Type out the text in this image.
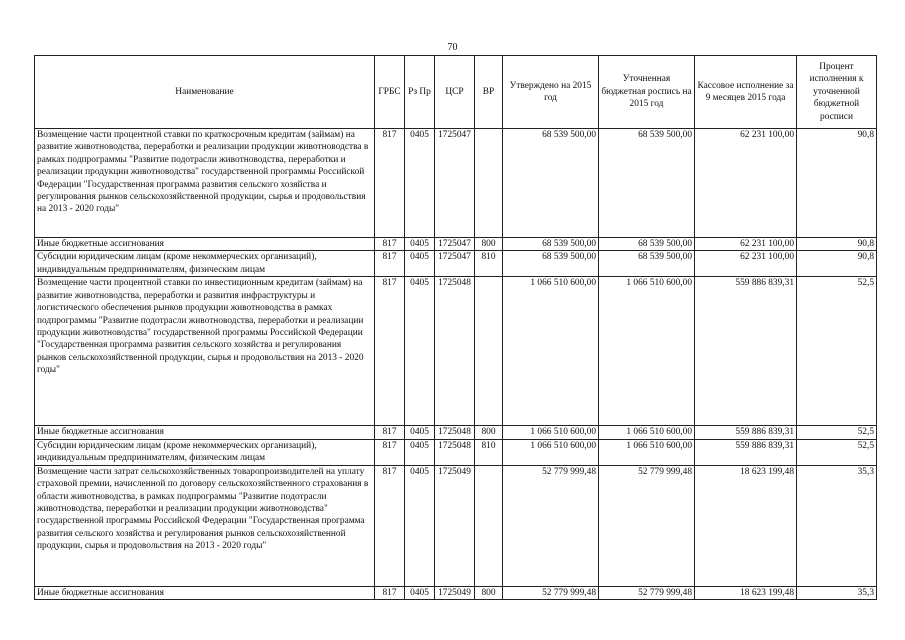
70
Наименование	ГРБС	Рз Пр	ЦСР	ВР	Утверждено на 2015 год	Уточненная бюджетная роспись на 2015 год	Кассовое исполнение за 9 месяцев 2015 года	Процент исполнения к уточненной бюджетной росписи
Возмещение части процентной ставки по краткосрочным кредитам (займам) на развитие животноводства, переработки и реализации продукции животноводства в рамках подпрограммы "Развитие подотрасли животноводства, переработки и реализации продукции животноводства" государственной программы Российской Федерации "Государственная программа развития сельского хозяйства и регулирования рынков сельскохозяйственной продукции, сырья и продовольствия на 2013 - 2020 годы"	817	0405	1725047		68 539 500,00	68 539 500,00	62 231 100,00	90,8
Иные бюджетные ассигнования	817	0405	1725047	800	68 539 500,00	68 539 500,00	62 231 100,00	90,8
Субсидии юридическим лицам (кроме некоммерческих организаций), индивидуальным предпринимателям, физическим лицам	817	0405	1725047	810	68 539 500,00	68 539 500,00	62 231 100,00	90,8
Возмещение части процентной ставки по инвестиционным кредитам (займам) на развитие животноводства, переработки и развития инфраструктуры и логистического обеспечения рынков продукции животноводства в рамках подпрограммы "Развитие подотрасли животноводства, переработки и реализации продукции животноводства" государственной программы Российской Федерации "Государственная программа развития сельского хозяйства и регулирования рынков сельскохозяйственной продукции, сырья и продовольствия на 2013 - 2020 годы"	817	0405	1725048		1 066 510 600,00	1 066 510 600,00	559 886 839,31	52,5
Иные бюджетные ассигнования	817	0405	1725048	800	1 066 510 600,00	1 066 510 600,00	559 886 839,31	52,5
Субсидии юридическим лицам (кроме некоммерческих организаций), индивидуальным предпринимателям, физическим лицам	817	0405	1725048	810	1 066 510 600,00	1 066 510 600,00	559 886 839,31	52,5
Возмещение части затрат сельскохозяйственных товаропроизводителей на уплату страховой премии, начисленной по договору сельскохозяйственного страхования в области животноводства, в рамках подпрограммы "Развитие подотрасли животноводства, переработки и реализации продукции животноводства" государственной программы Российской Федерации "Государственная программа развития сельского хозяйства и регулирования рынков сельскохозяйственной продукции, сырья и продовольствия на 2013 - 2020 годы"	817	0405	1725049		52 779 999,48	52 779 999,48	18 623 199,48	35,3
Иные бюджетные ассигнования	817	0405	1725049	800	52 779 999,48	52 779 999,48	18 623 199,48	35,3
